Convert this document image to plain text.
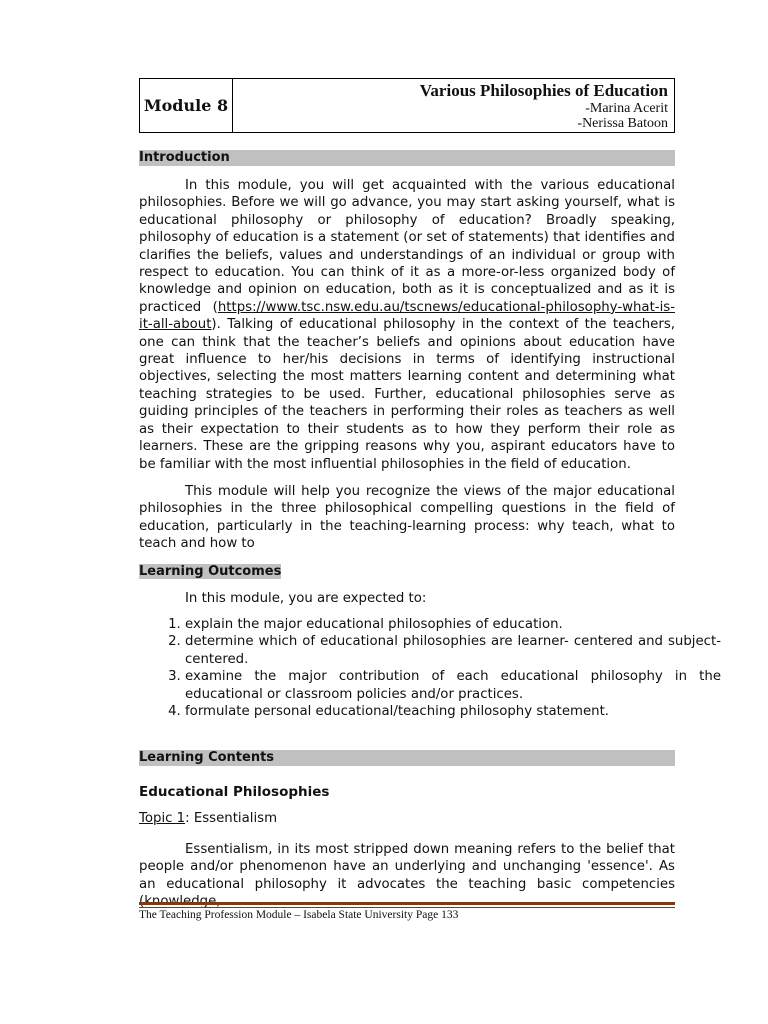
Module 8
Various Philosophies of Education
-Marina Acerit
-Nerissa Batoon
Introduction

In this module, you will get acquainted with the various educational philosophies. Before we will go advance, you may start asking yourself, what is educational philosophy or philosophy of education? Broadly speaking, philosophy of education is a statement (or set of statements) that identifies and clarifies the beliefs, values and understandings of an individual or group with respect to education. You can think of it as a more-or-less organized body of knowledge and opinion on education, both as it is conceptualized and as it is practiced (https://www.tsc.nsw.edu.au/tscnews/educational-philosophy-what-is-it-all-about). Talking of educational philosophy in the context of the teachers, one can think that the teacher’s beliefs and opinions about education have great influence to her/his decisions in terms of identifying instructional objectives, selecting the most matters learning content and determining what teaching strategies to be used. Further, educational philosophies serve as guiding principles of the teachers in performing their roles as teachers as well as their expectation to their students as to how they perform their role as learners. These are the gripping reasons why you, aspirant educators have to be familiar with the most influential philosophies in the field of education.

This module will help you recognize the views of the major educational philosophies in the three philosophical compelling questions in the field of education, particularly in the teaching-learning process: why teach, what to teach and how to

Learning Outcomes
In this module, you are expected to:
1. explain the major educational philosophies of education.
2. determine which of educational philosophies are learner- centered and subject-centered.
3. examine the major contribution of each educational philosophy in the educational or classroom policies and/or practices.
4. formulate personal educational/teaching philosophy statement.
Learning Contents
Educational Philosophies
Topic 1: Essentialism

Essentialism, in its most stripped down meaning refers to the belief that people and/or phenomenon have an underlying and unchanging 'essence'. As an educational philosophy it advocates the teaching basic competencies

The Teaching Profession Module – Isabela State University Page 133
